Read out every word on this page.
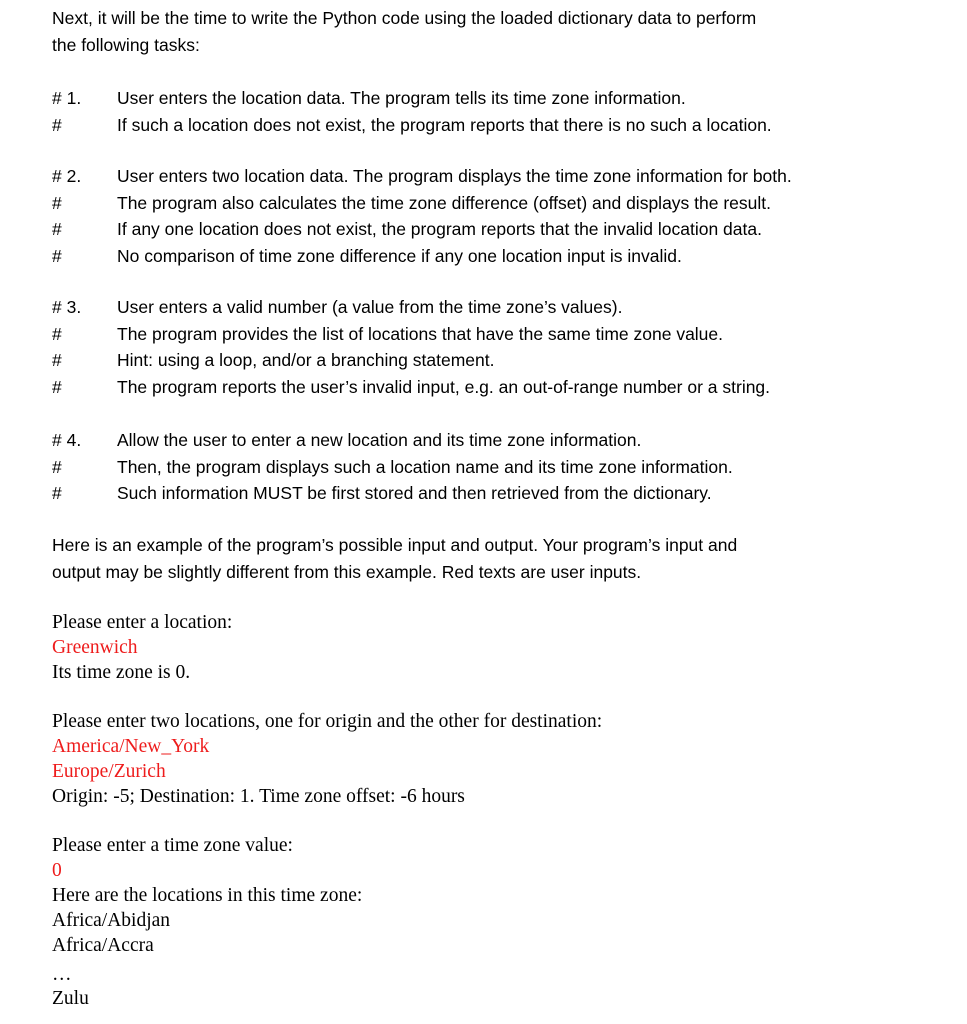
Next, it will be the time to write the Python code using the loaded dictionary data to perform
the following tasks:
# 1.	User enters the location data. The program tells its time zone information.
#	If such a location does not exist, the program reports that there is no such a location.
# 2.	User enters two location data. The program displays the time zone information for both.
#	The program also calculates the time zone difference (offset) and displays the result.
#	If any one location does not exist, the program reports that the invalid location data.
#	No comparison of time zone difference if any one location input is invalid.
# 3.	User enters a valid number (a value from the time zone’s values).
#	The program provides the list of locations that have the same time zone value.
#	Hint: using a loop, and/or a branching statement.
#	The program reports the user’s invalid input, e.g. an out-of-range number or a string.
# 4.	Allow the user to enter a new location and its time zone information.
#	Then, the program displays such a location name and its time zone information.
#	Such information MUST be first stored and then retrieved from the dictionary.
Here is an example of the program’s possible input and output. Your program’s input and
output may be slightly different from this example. Red texts are user inputs.
Please enter a location:
Greenwich
Its time zone is 0.
Please enter two locations, one for origin and the other for destination:
America/New_York
Europe/Zurich
Origin: -5; Destination: 1. Time zone offset: -6 hours
Please enter a time zone value:
0
Here are the locations in this time zone:
Africa/Abidjan
Africa/Accra
…
Zulu
